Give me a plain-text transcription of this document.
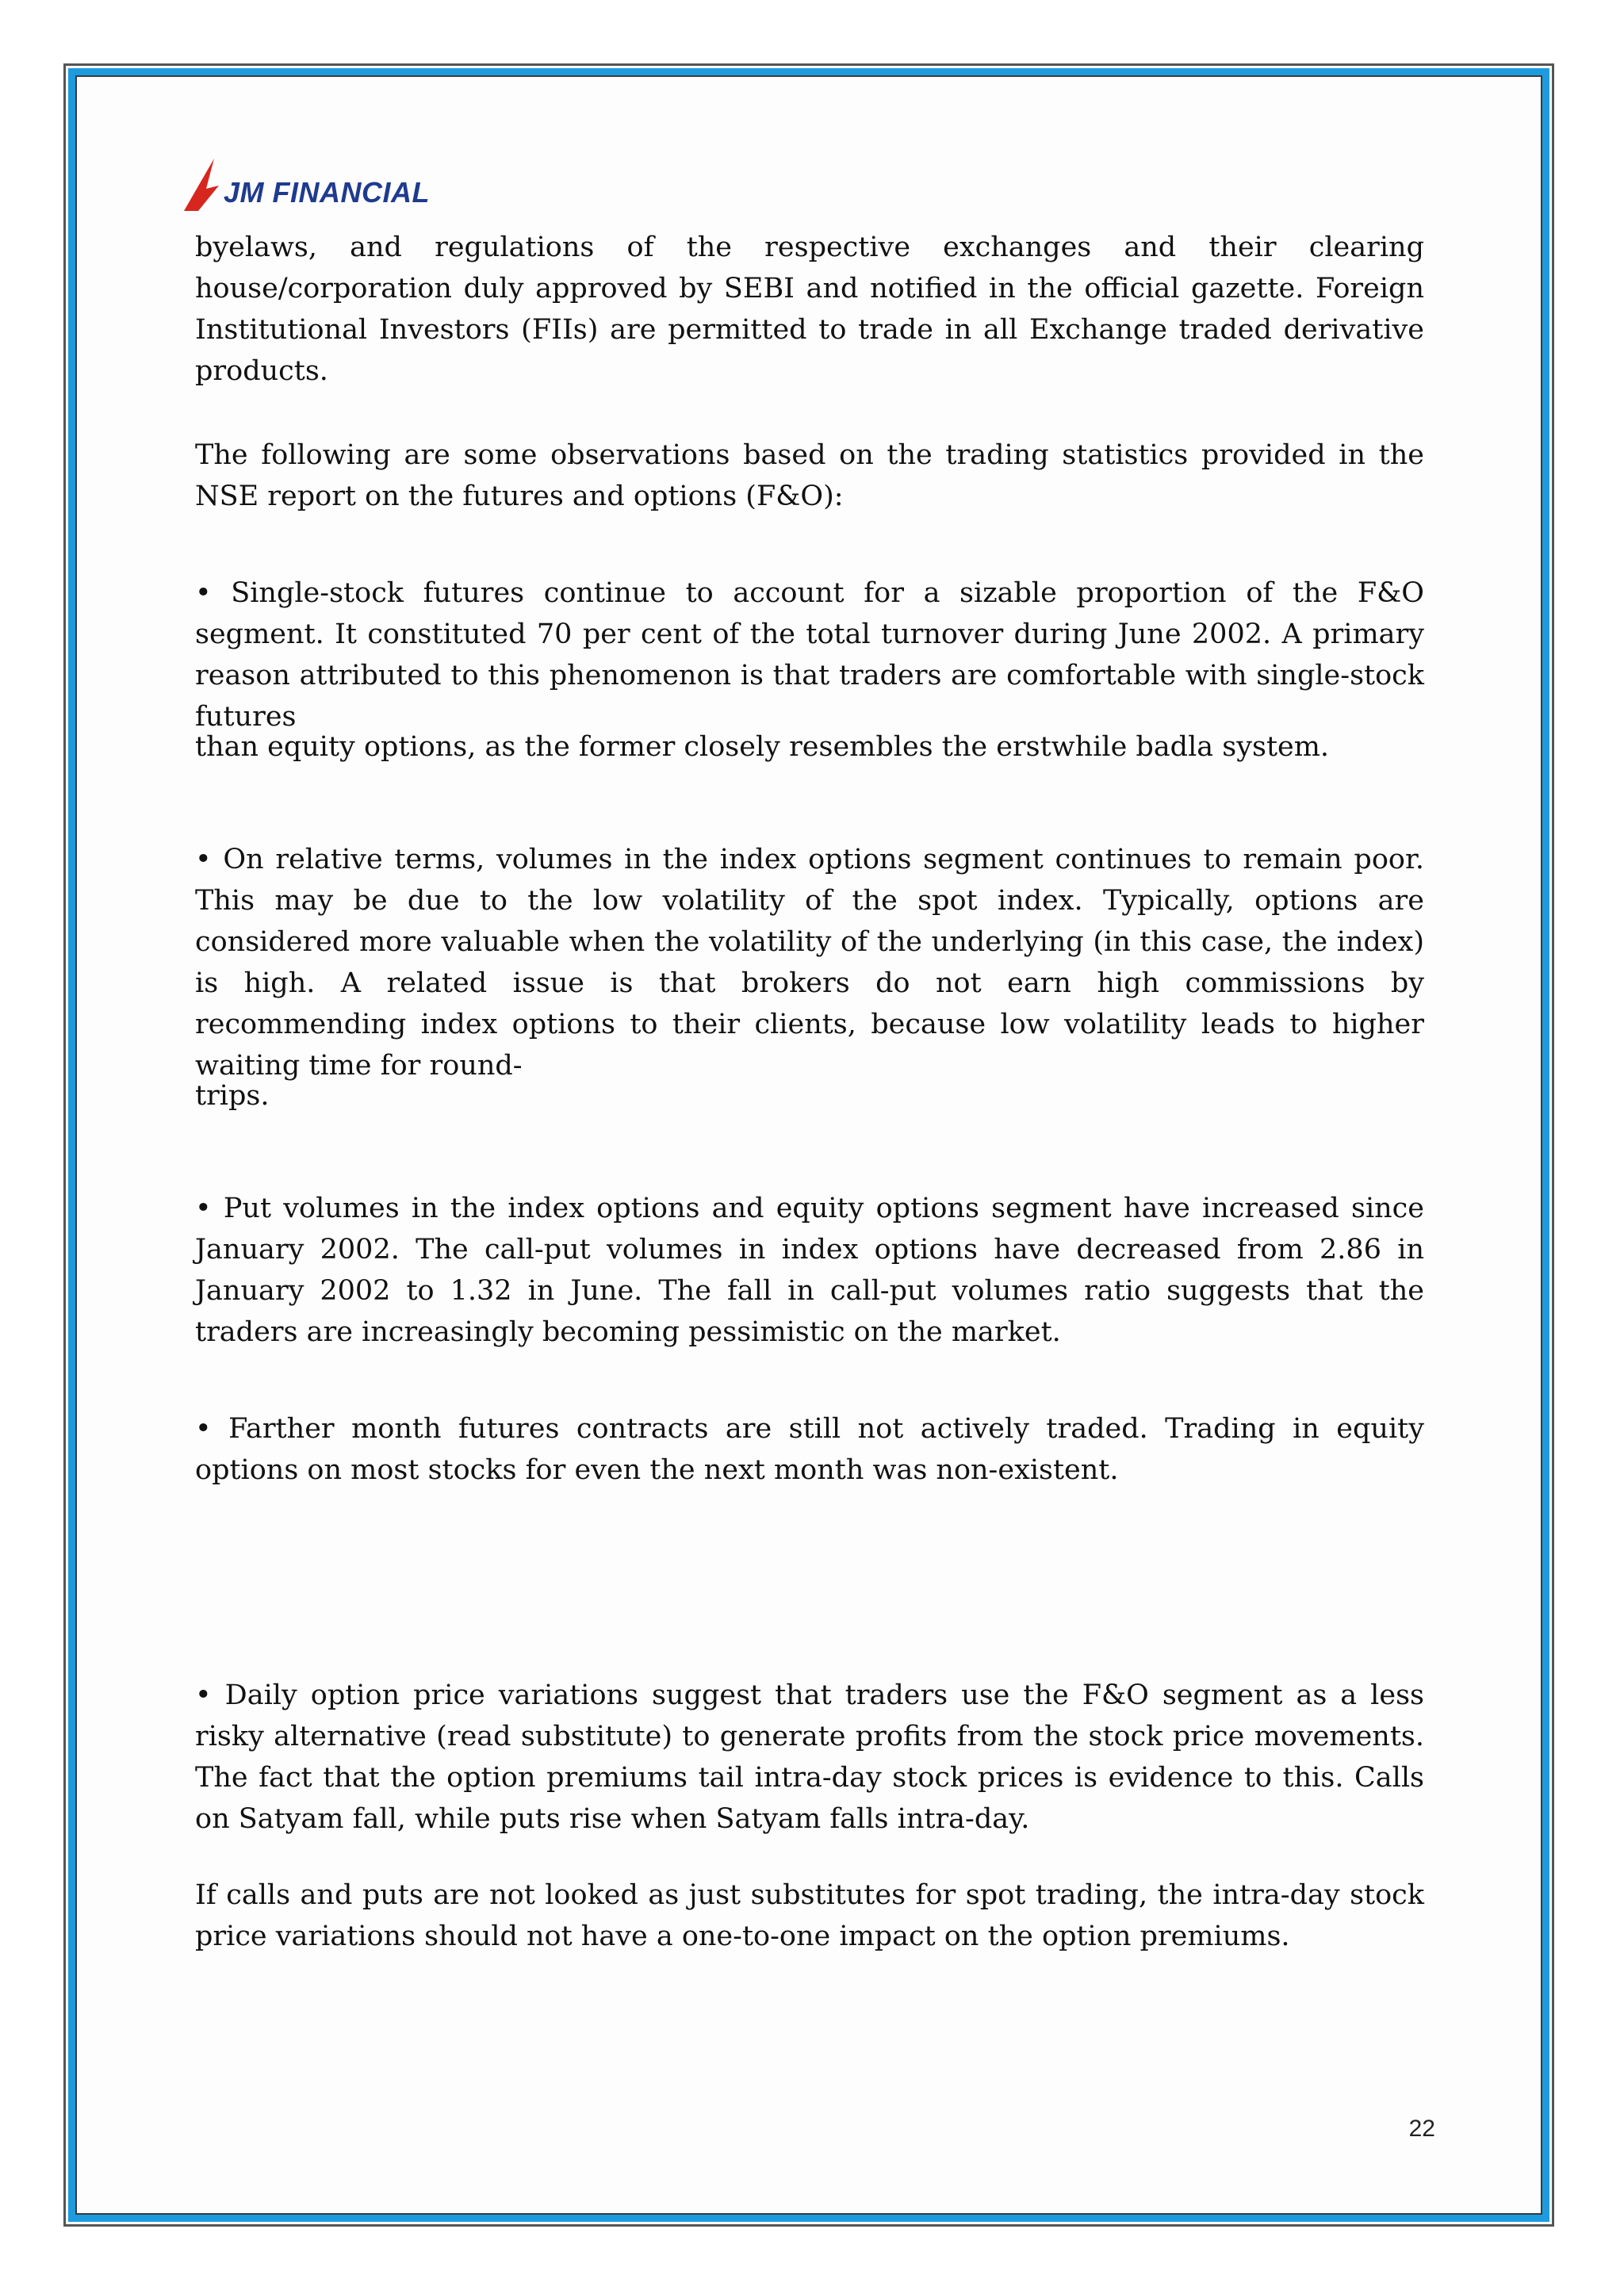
JM FINANCIAL

byelaws, and regulations of the respective exchanges and their clearing house/corporation duly approved by SEBI and notified in the official gazette. Foreign Institutional Investors (FIIs) are permitted to trade in all Exchange traded derivative products.

The following are some observations based on the trading statistics provided in the NSE report on the futures and options (F&O):

• Single-stock futures continue to account for a sizable proportion of the F&O segment. It constituted 70 per cent of the total turnover during June 2002. A primary reason attributed to this phenomenon is that traders are comfortable with single-stock futures

than equity options, as the former closely resembles the erstwhile badla system.

• On relative terms, volumes in the index options segment continues to remain poor. This may be due to the low volatility of the spot index. Typically, options are considered more valuable when the volatility of the underlying (in this case, the index) is high. A related issue is that brokers do not earn high commissions by recommending index options to their clients, because low volatility leads to higher waiting time for round-

trips.

• Put volumes in the index options and equity options segment have increased since January 2002. The call-put volumes in index options have decreased from 2.86 in January 2002 to 1.32 in June. The fall in call-put volumes ratio suggests that the traders are increasingly becoming pessimistic on the market.

• Farther month futures contracts are still not actively traded. Trading in equity options on most stocks for even the next month was non-existent.

• Daily option price variations suggest that traders use the F&O segment as a less risky alternative (read substitute) to generate profits from the stock price movements. The fact that the option premiums tail intra-day stock prices is evidence to this. Calls on Satyam fall, while puts rise when Satyam falls intra-day.

If calls and puts are not looked as just substitutes for spot trading, the intra-day stock price variations should not have a one-to-one impact on the option premiums.

22
